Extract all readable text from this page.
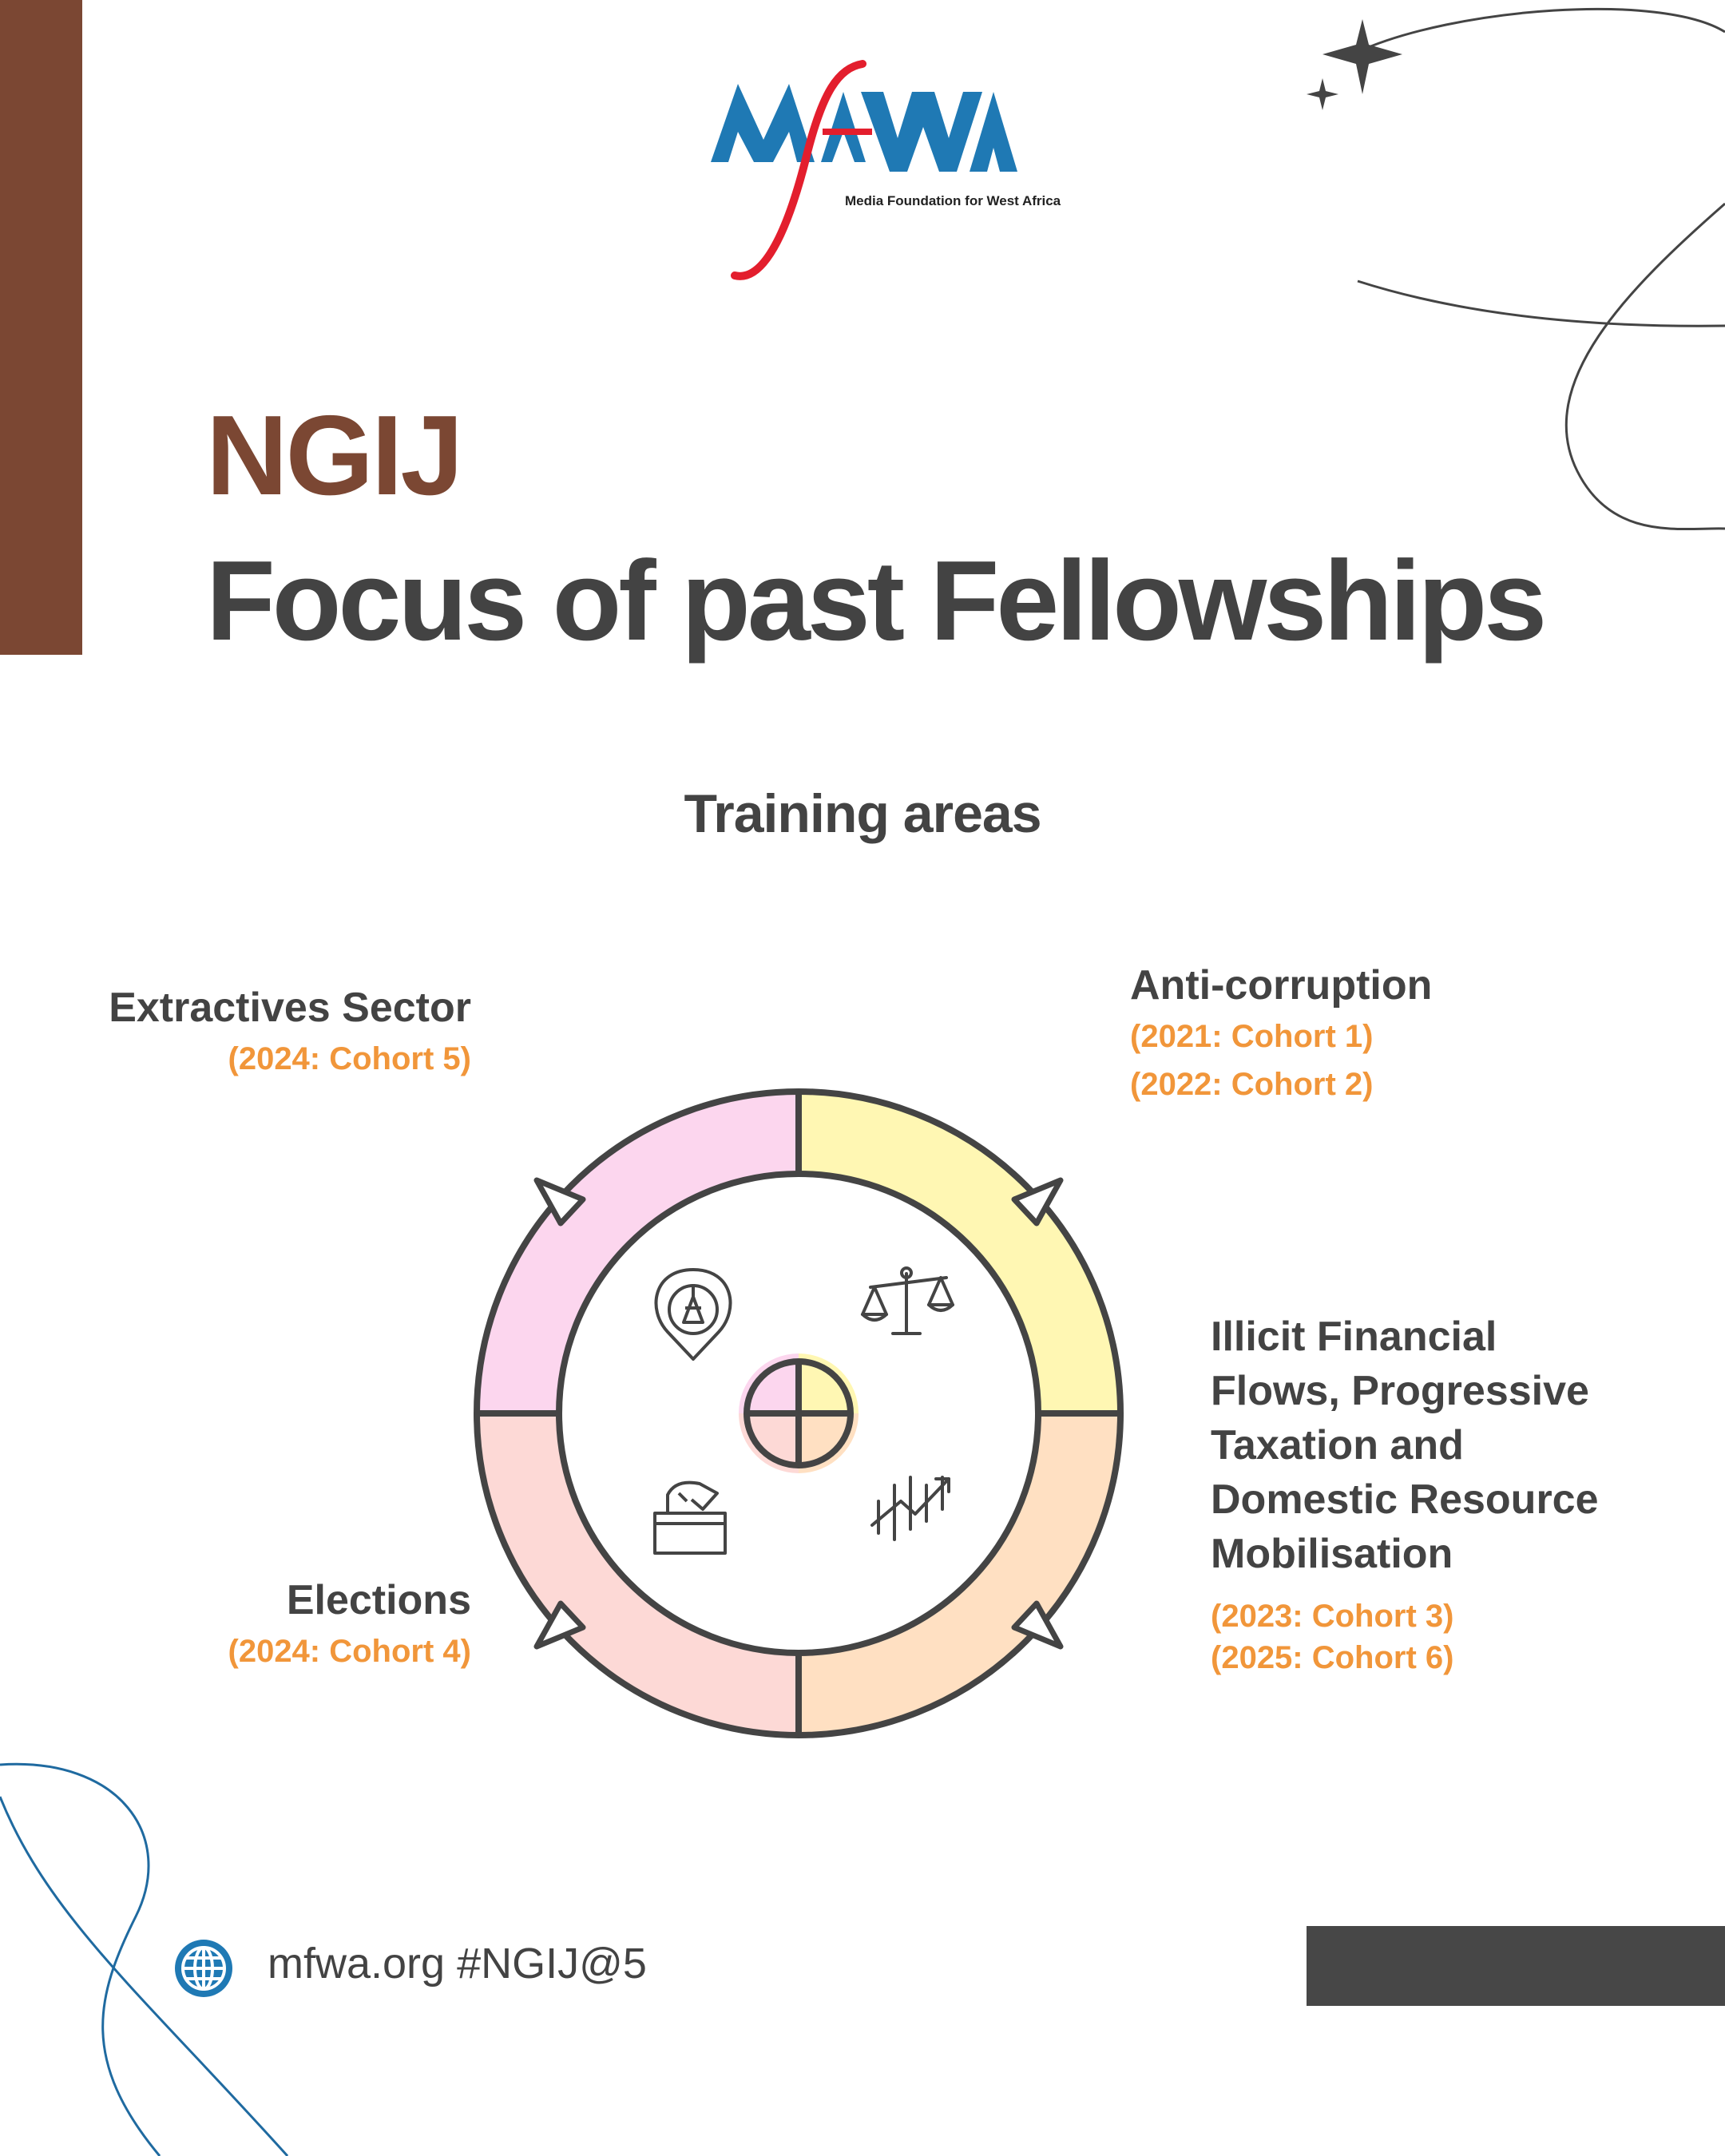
Media Foundation for West Africa
NGIJ
Focus of past Fellowships
Training areas
Extractives Sector
(2024: Cohort 5)
Anti-corruption
(2021: Cohort 1)
(2022: Cohort 2)
Illicit Financial Flows, Progressive Taxation and Domestic Resource Mobilisation
(2023: Cohort 3)
(2025: Cohort 6)
Elections
(2024: Cohort 4)
mfwa.org #NGIJ@5
